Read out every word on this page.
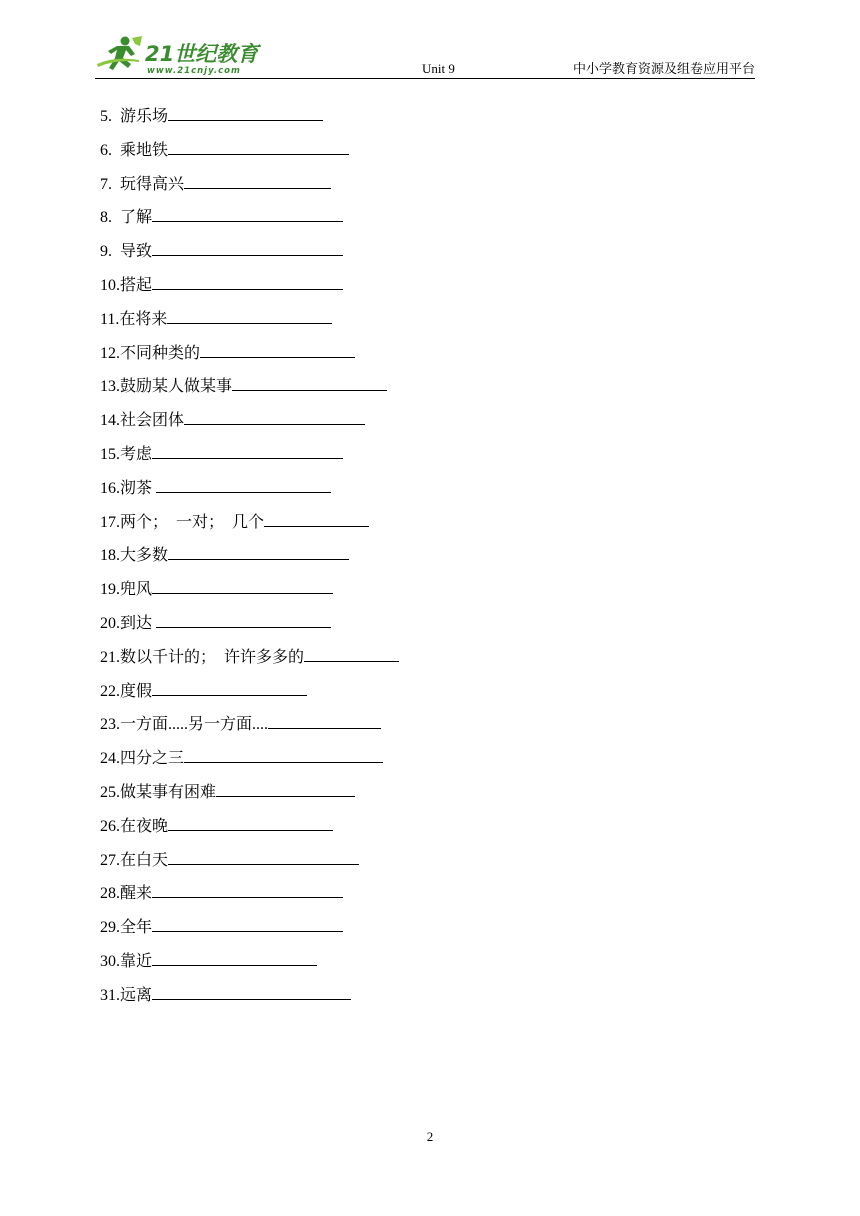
21世纪教育
www.21cnjy.com	Unit 9	中小学教育资源及组卷应用平台
5.  游乐场
6.  乘地铁
7.  玩得高兴
8.  了解
9.  导致
10.搭起
11.在将来
12.不同种类的
13.鼓励某人做某事
14.社会团体
15.考虑
16.沏茶
17.两个；  一对；  几个
18.大多数
19.兜风
20.到达
21.数以千计的；  许许多多的
22.度假
23.一方面.....另一方面....
24.四分之三
25.做某事有困难
26.在夜晚
27.在白天
28.醒来
29.全年
30.靠近
31.远离
2
